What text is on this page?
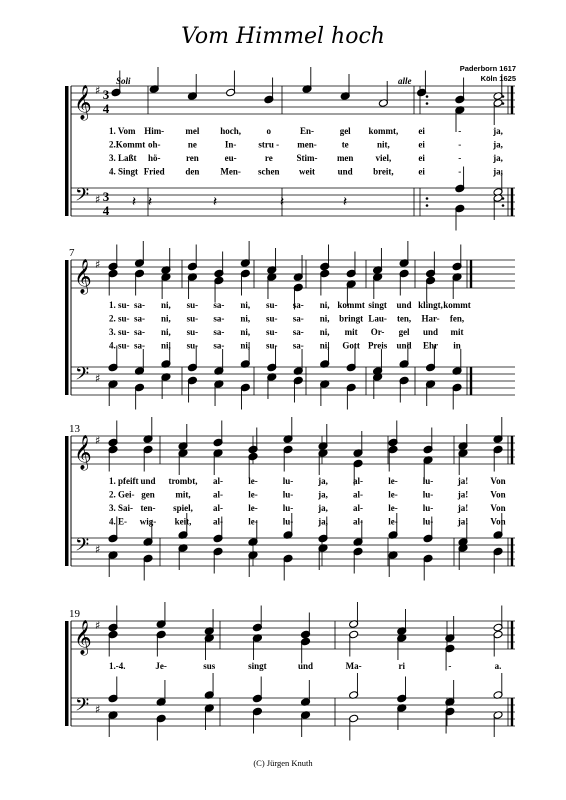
Vom Himmel hoch
Paderborn 1617
Köln 1625
𝄞
𝄢
♯
♯
3
4
3
4
Soli	alle
𝄽	𝄽	𝄽	𝄽
𝄽
1. Vom Him- mel hoch,	o	En-	gel kommt, ei	-	ja,
2.Kommt oh-	ne	In- stru - men-	te	nit,	ei	-	ja,
3. Laßt hö-	ren	eu-	re	Stim- men viel,	ei	-	ja,
4. Singt Fried den Men- schen weit	und breit,	ei	-	ja,
𝄞
𝄢
♯
♯
7
1. su- sa- ni, su- sa- ni, su- sa- ni, kommt singt und klingt, kommt
2. su- sa- ni, su- sa- ni, su- sa- ni, bringt Lau- ten, Har- fen,
3. su- sa- ni, su- sa- ni, su- sa- ni, mit Or- gel und mit
4. su- sa- ni, su- sa- ni, su- sa- ni, Gott Preis und Ehr in
𝄞
𝄢
♯
♯
13
1. pfeift und trombt, al-	le-	lu-	ja,	al-	le-	lu-	ja! Von
2. Gei- gen mit, al-	le-	lu-	ja,	al-	le-	lu-	ja! Von
3. Sai- ten- spiel, al-	le-	lu-	ja,	al-	le-	lu-	ja! Von
4. E- wig- keit, al-	le-	lu-	ja,	al-	le-	lu-	ja! Von
𝄞
𝄢
♯
♯
19
1.-4.	Je-	sus	singt	und	Ma-	ri	-	a.
(C) Jürgen Knuth
